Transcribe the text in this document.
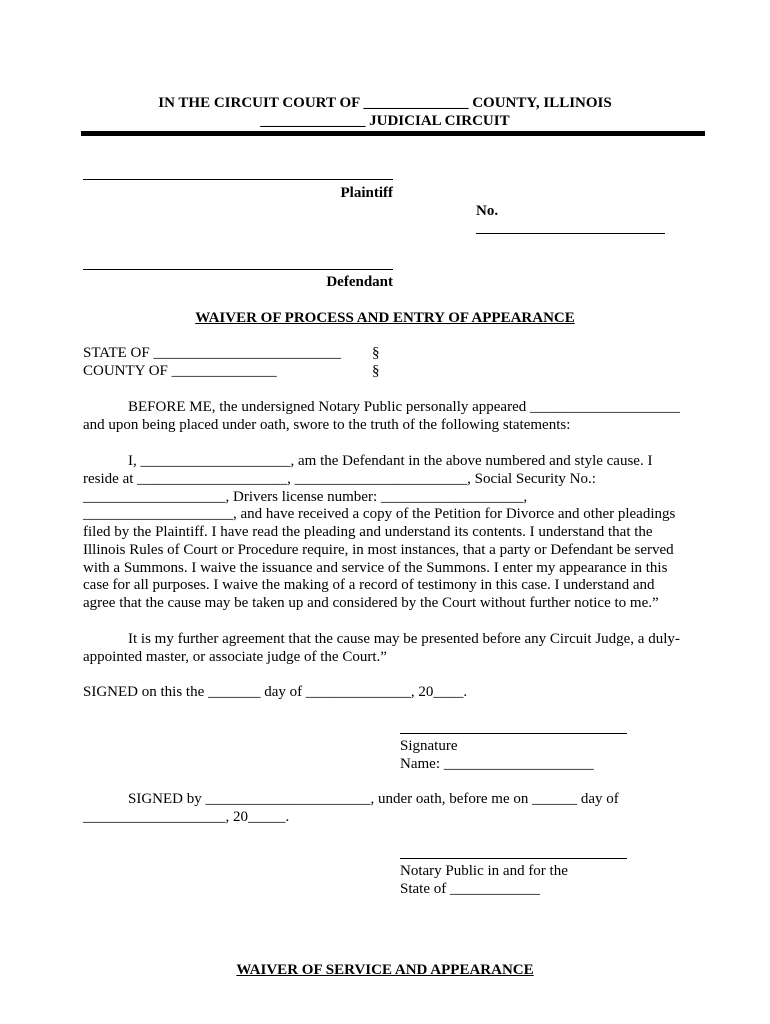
IN THE CIRCUIT COURT OF ______________ COUNTY, ILLINOIS
______________ JUDICIAL CIRCUIT
Plaintiff
No.
Defendant
WAIVER OF PROCESS AND ENTRY OF APPEARANCE
STATE OF _________________________ §
COUNTY OF ______________	§
BEFORE ME, the undersigned Notary Public personally appeared ____________________
and upon being placed under oath, swore to the truth of the following statements:
I, ____________________, am the Defendant in the above numbered and style cause. I
reside at ____________________, _______________________, Social Security No.:
___________________, Drivers license number: ___________________,
____________________, and have received a copy of the Petition for Divorce and other pleadings
filed by the Plaintiff. I have read the pleading and understand its contents. I understand that the
Illinois Rules of Court or Procedure require, in most instances, that a party or Defendant be served
with a Summons. I waive the issuance and service of the Summons. I enter my appearance in this
case for all purposes. I waive the making of a record of testimony in this case. I understand and
agree that the cause may be taken up and considered by the Court without further notice to me.”
It is my further agreement that the cause may be presented before any Circuit Judge, a duly-
appointed master, or associate judge of the Court.”
SIGNED on this the _______ day of ______________, 20____.
Signature
Name: ____________________
SIGNED by ______________________, under oath, before me on ______ day of
___________________, 20_____.
Notary Public in and for the
State of ____________
WAIVER OF SERVICE AND APPEARANCE
